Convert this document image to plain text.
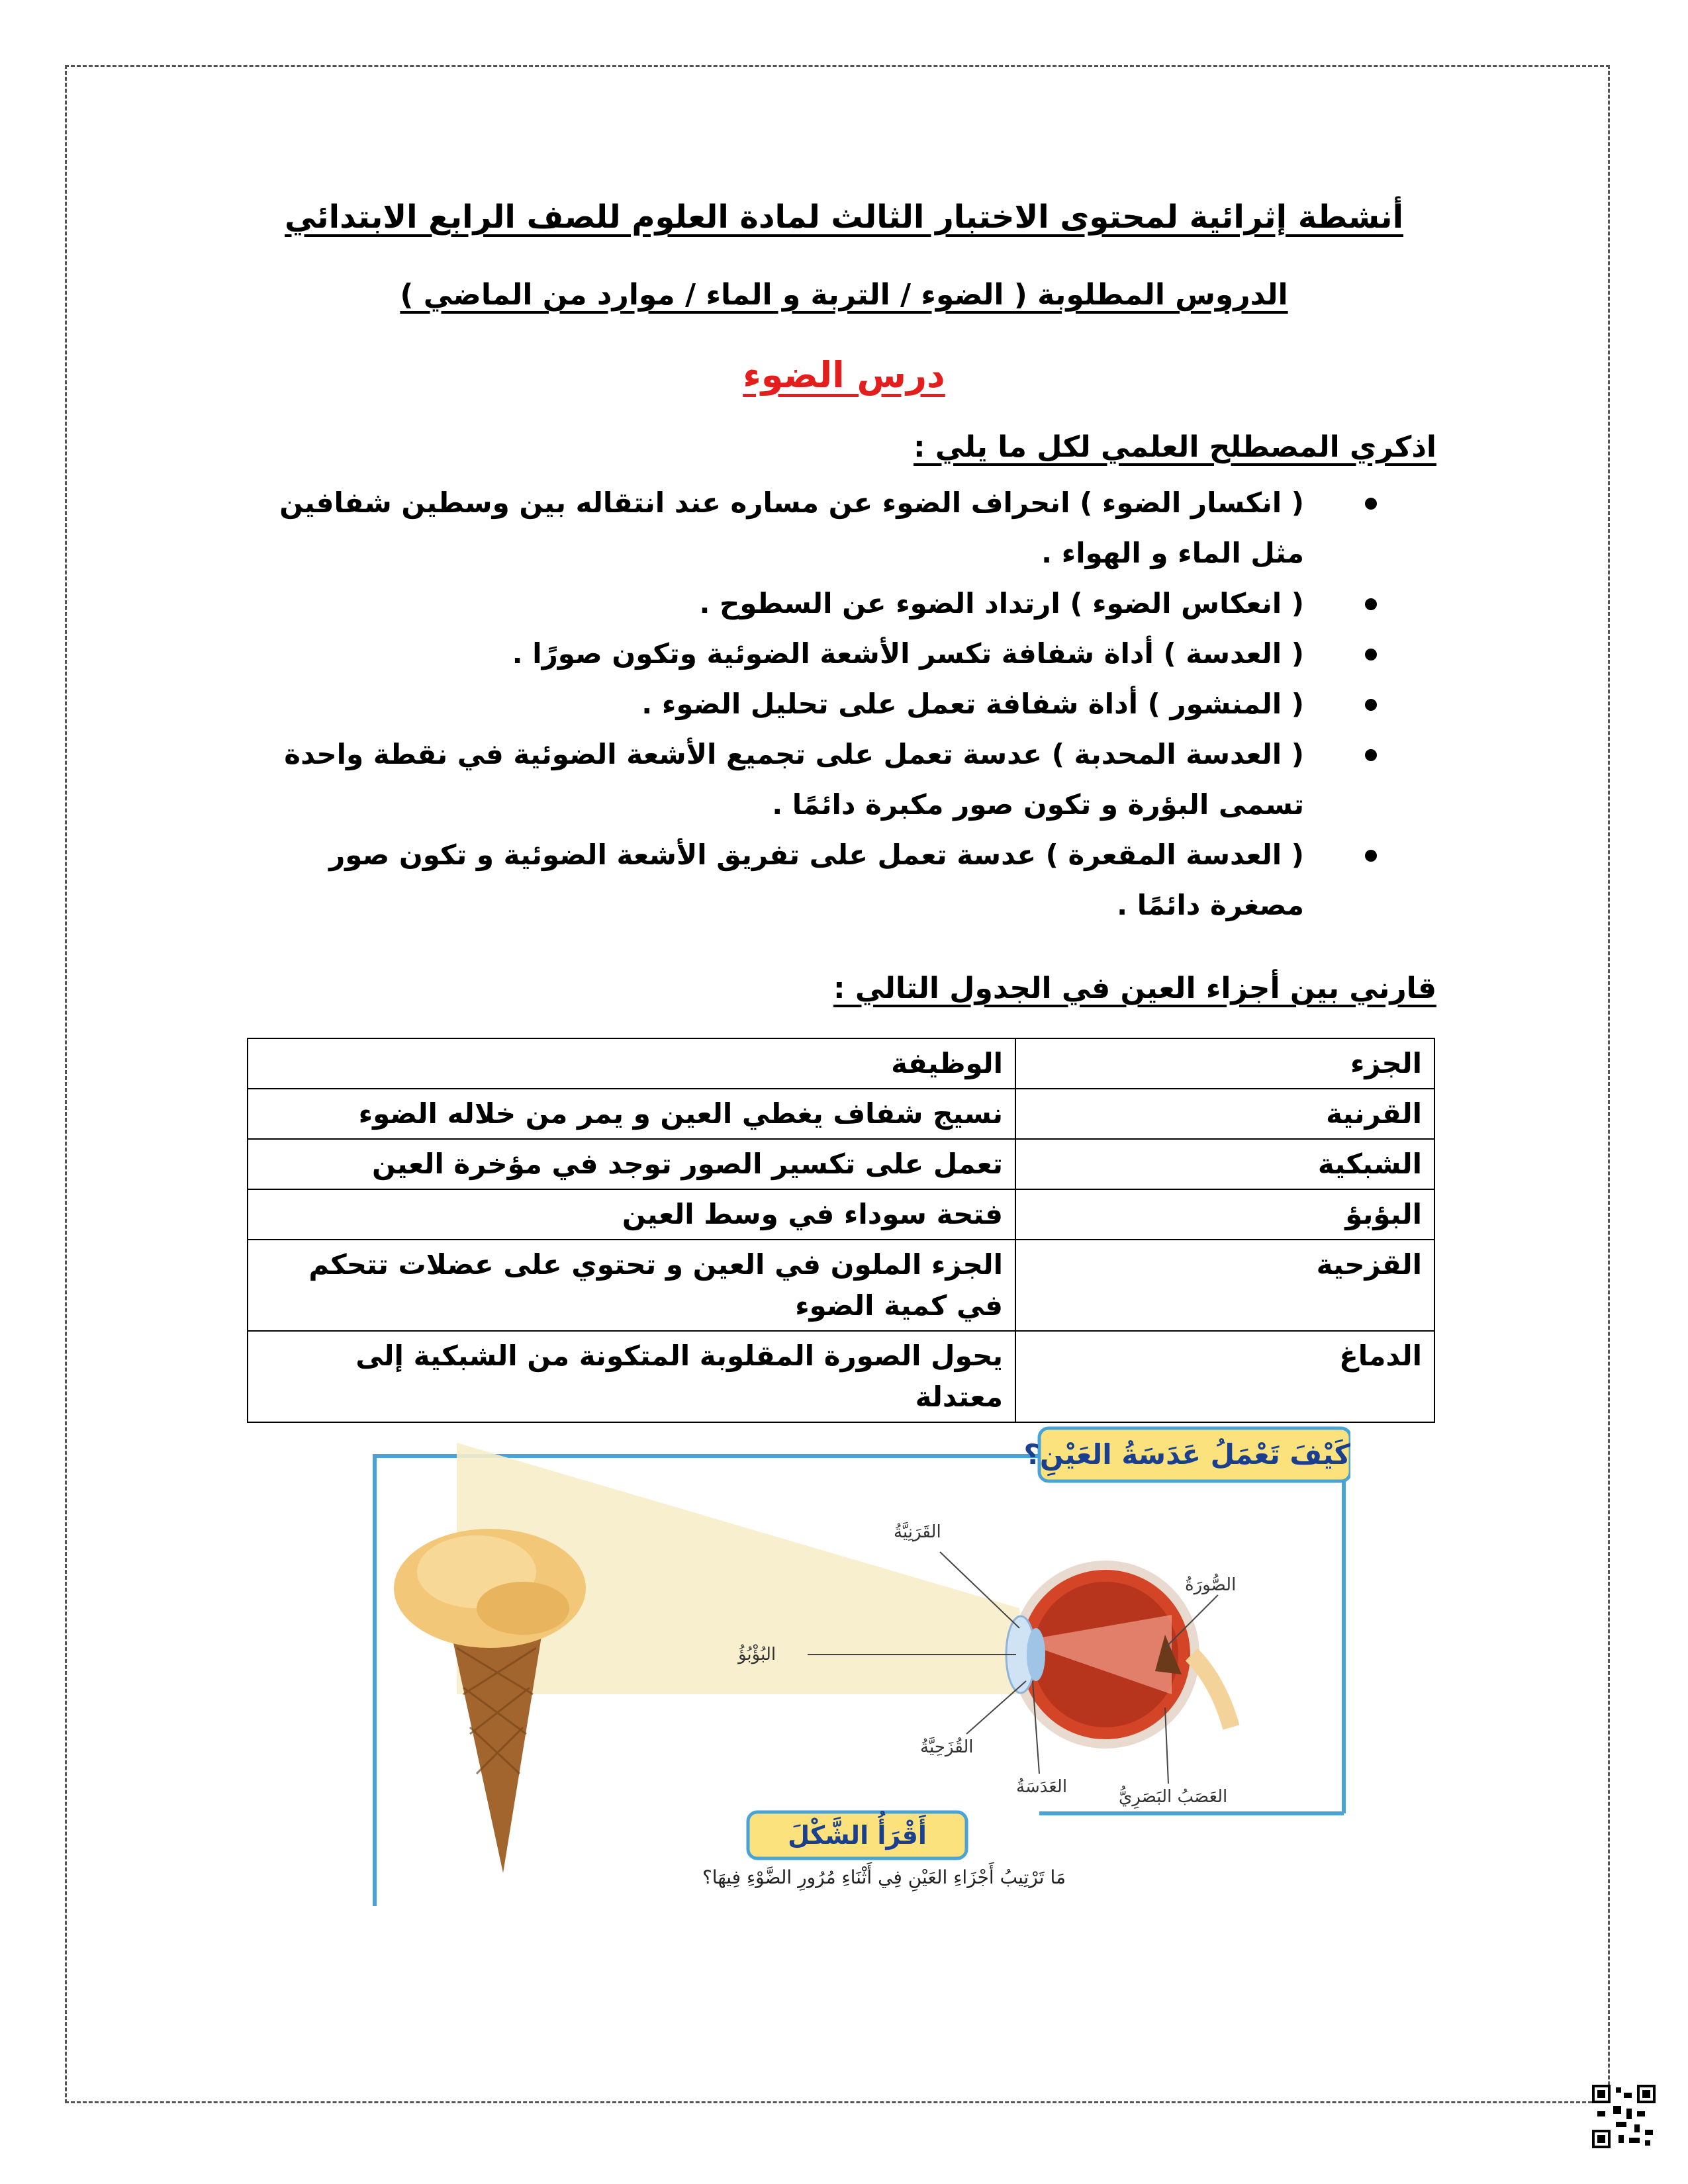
أنشطة إثرائية لمحتوى الاختبار الثالث لمادة العلوم للصف الرابع الابتدائي
الدروس المطلوبة ( الضوء / التربة و الماء / موارد من الماضي )
درس الضوء
اذكري المصطلح العلمي لكل ما يلي :
( انكسار الضوء ) انحراف الضوء عن مساره عند انتقاله بين وسطين شفافين مثل الماء و الهواء .
( انعكاس الضوء ) ارتداد الضوء عن السطوح .
( العدسة ) أداة شفافة تكسر الأشعة الضوئية وتكون صورًا .
( المنشور ) أداة شفافة تعمل على تحليل الضوء .
( العدسة المحدبة ) عدسة تعمل على تجميع الأشعة الضوئية في نقطة واحدة تسمى البؤرة و تكون صور مكبرة دائمًا .
( العدسة المقعرة ) عدسة تعمل على تفريق الأشعة الضوئية و تكون صور مصغرة دائمًا .
قارني بين أجزاء العين في الجدول التالي :
الجزء	الوظيفة
القرنية	نسيج شفاف يغطي العين و يمر من خلاله الضوء
الشبكية	تعمل على تكسير الصور توجد في مؤخرة العين
البؤبؤ	فتحة سوداء في وسط العين
القزحية	الجزء الملون في العين و تحتوي على عضلات تتحكم في كمية الضوء
الدماغ	يحول الصورة المقلوبة المتكونة من الشبكية إلى معتدلة
كَيْفَ تَعْمَلُ عَدَسَةُ العَيْنِ؟
القَرَنِيَّةُ
الصُّورَةُ
البُؤْبُؤُ
القُزَحِيَّةُ
العَدَسَةُ	العَصَبُ البَصَرِيُّ
أَقْرَأُ الشَّكْلَ
مَا تَرْتِيبُ أَجْزَاءِ العَيْنِ فِي أَثْنَاءِ مُرُورِ الضَّوْءِ فِيهَا؟
